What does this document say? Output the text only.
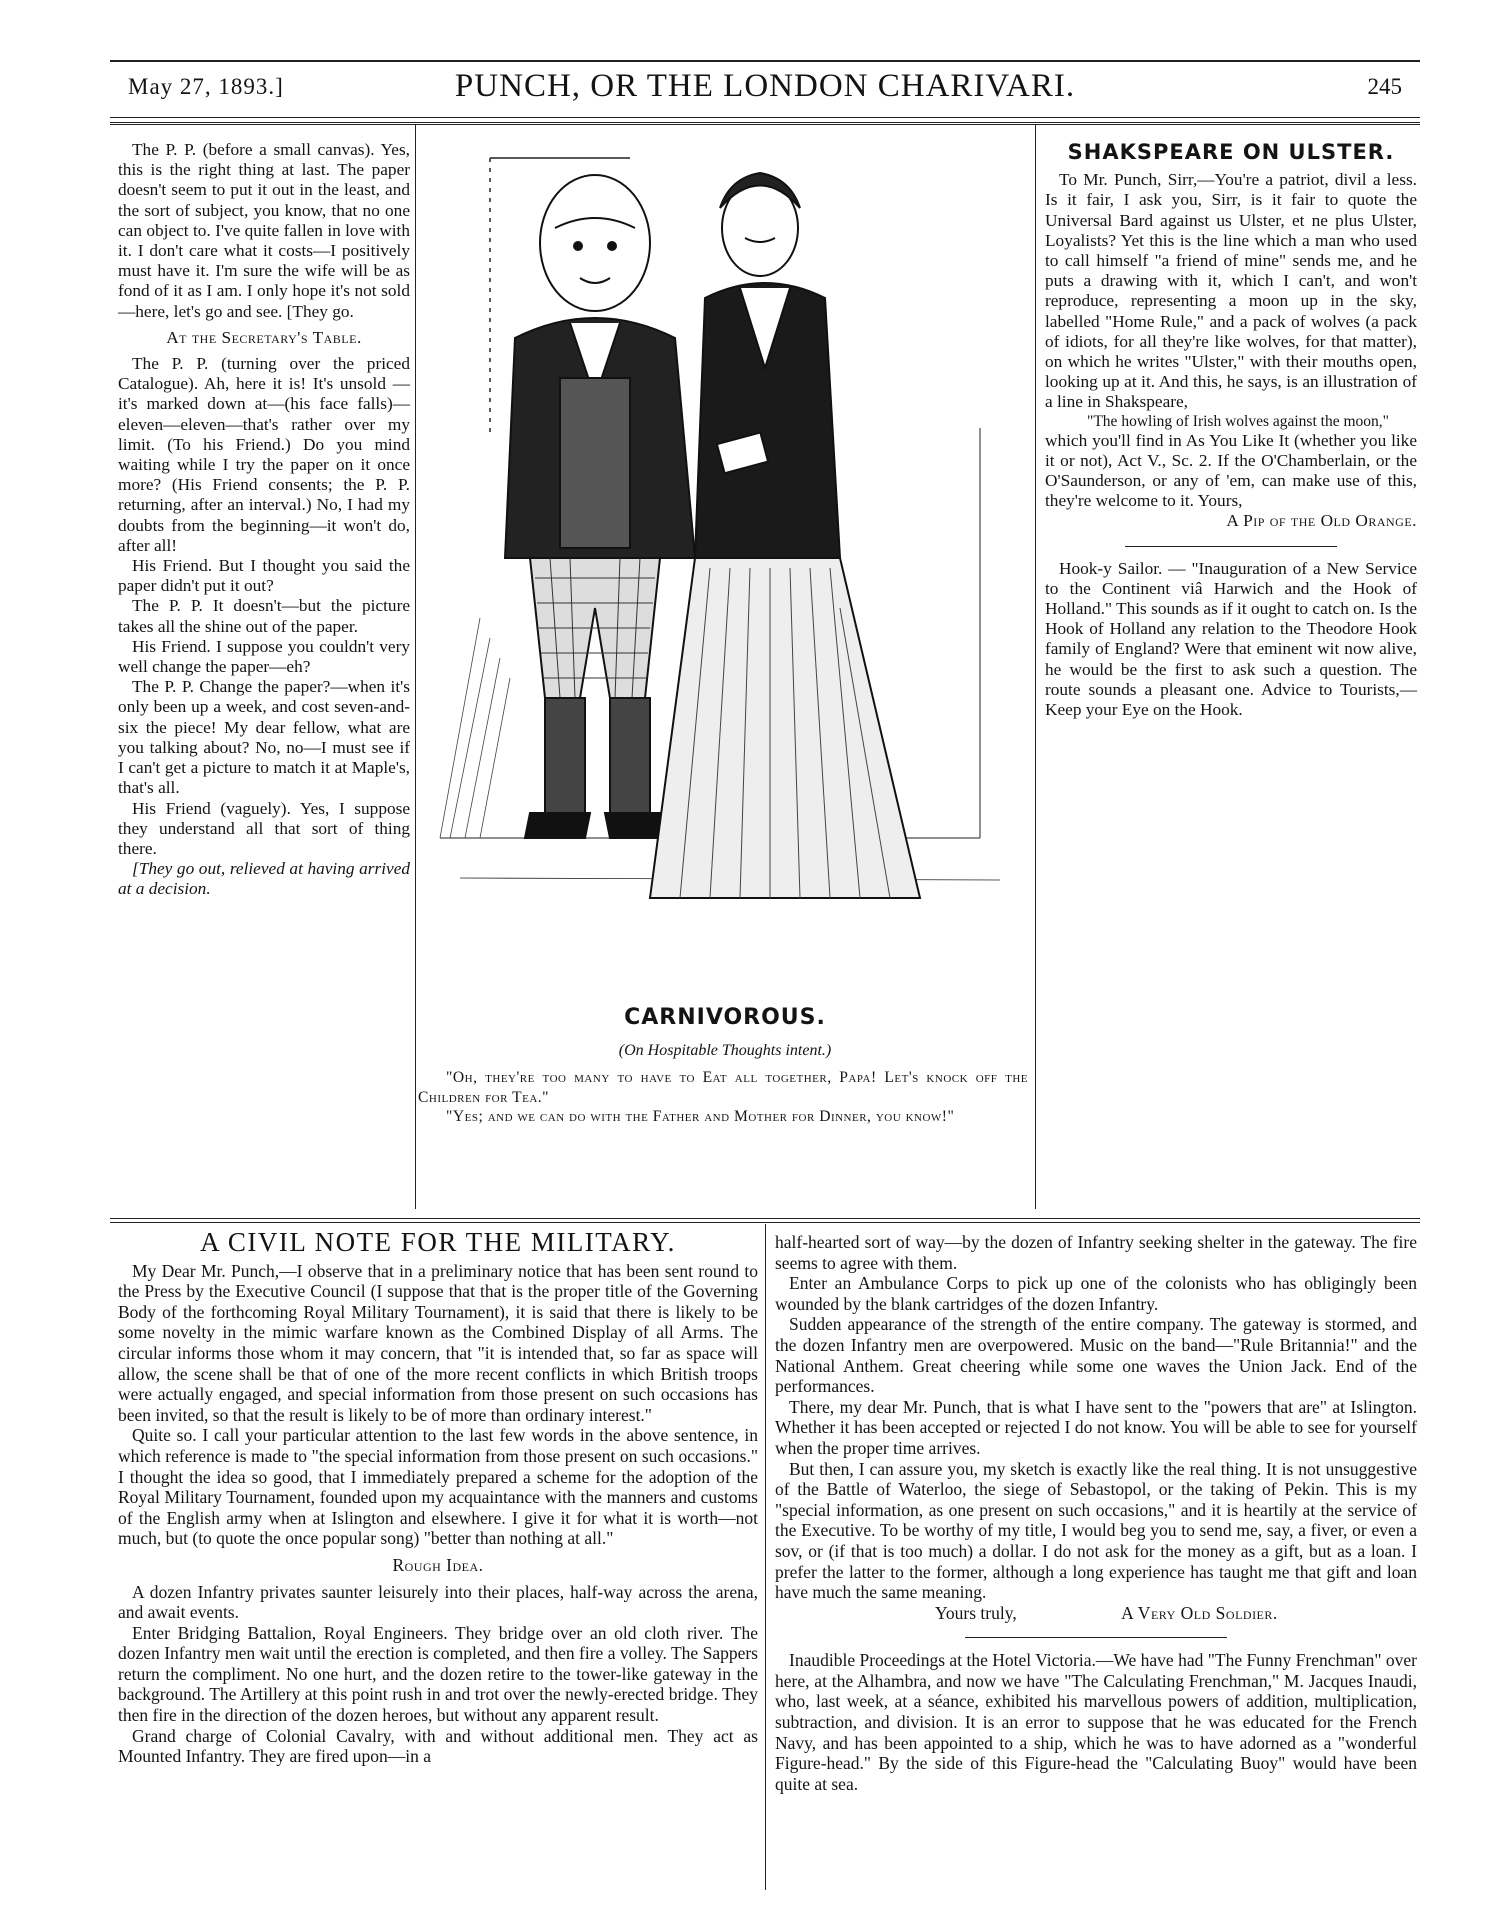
May 27, 1893.]	PUNCH, OR THE LONDON CHARIVARI.	245

The P. P. (before a small canvas). Yes, this is the right thing at last. The paper doesn't seem to put it out in the least, and the sort of subject, you know, that no one can object to. I've quite fallen in love with it. I don't care what it costs—I positively must have it. I'm sure the wife will be as fond of it as I am. I only hope it's not sold—here, let's go and see. [They go.

At the Secretary's Table.

The P. P. (turning over the priced Catalogue). Ah, here it is! It's unsold — it's marked down at—(his face falls)—eleven—eleven—that's rather over my limit. (To his Friend.) Do you mind waiting while I try the paper on it once more? (His Friend consents; the P. P. returning, after an interval.) No, I had my doubts from the beginning—it won't do, after all!

His Friend. But I thought you said the paper didn't put it out?

The P. P. It doesn't—but the picture takes all the shine out of the paper.

His Friend. I suppose you couldn't very well change the paper—eh?

The P. P. Change the paper?—when it's only been up a week, and cost seven-and-six the piece! My dear fellow, what are you talking about? No, no—I must see if I can't get a picture to match it at Maple's, that's all.

His Friend (vaguely). Yes, I suppose they understand all that sort of thing there.

[They go out, relieved at having arrived at a decision.

CARNIVOROUS.
(On Hospitable Thoughts intent.)

"Oh, they're too many to have to Eat all together, Papa! Let's knock off the Children for Tea."

"Yes; and we can do with the Father and Mother for Dinner, you know!"

SHAKSPEARE ON ULSTER.

To Mr. Punch, Sirr,—You're a patriot, divil a less. Is it fair, I ask you, Sirr, is it fair to quote the Universal Bard against us Ulster, et ne plus Ulster, Loyalists? Yet this is the line which a man who used to call himself "a friend of mine" sends me, and he puts a drawing with it, which I can't, and won't reproduce, representing a moon up in the sky, labelled "Home Rule," and a pack of wolves (a pack of idiots, for all they're like wolves, for that matter), on which he writes "Ulster," with their mouths open, looking up at it. And this, he says, is an illustration of a line in Shakspeare,

"The howling of Irish wolves against the moon,"

which you'll find in As You Like It (whether you like it or not), Act V., Sc. 2. If the O'Chamberlain, or the O'Saunderson, or any of 'em, can make use of this, they're welcome to it. Yours,

A Pip of the Old Orange.

Hook-y Sailor. — "Inauguration of a New Service to the Continent viâ Harwich and the Hook of Holland." This sounds as if it ought to catch on. Is the Hook of Holland any relation to the Theodore Hook family of England? Were that eminent wit now alive, he would be the first to ask such a question. The route sounds a pleasant one. Advice to Tourists,—Keep your Eye on the Hook.

A CIVIL NOTE FOR THE MILITARY.

My Dear Mr. Punch,—I observe that in a preliminary notice that has been sent round to the Press by the Executive Council (I suppose that that is the proper title of the Governing Body of the forthcoming Royal Military Tournament), it is said that there is likely to be some novelty in the mimic warfare known as the Combined Display of all Arms. The circular informs those whom it may concern, that "it is intended that, so far as space will allow, the scene shall be that of one of the more recent conflicts in which British troops were actually engaged, and special information from those present on such occasions has been invited, so that the result is likely to be of more than ordinary interest."

Quite so. I call your particular attention to the last few words in the above sentence, in which reference is made to "the special information from those present on such occasions." I thought the idea so good, that I immediately prepared a scheme for the adoption of the Royal Military Tournament, founded upon my acquaintance with the manners and customs of the English army when at Islington and elsewhere. I give it for what it is worth—not much, but (to quote the once popular song) "better than nothing at all."

Rough Idea.

A dozen Infantry privates saunter leisurely into their places, half-way across the arena, and await events.

Enter Bridging Battalion, Royal Engineers. They bridge over an old cloth river. The dozen Infantry men wait until the erection is completed, and then fire a volley. The Sappers return the compliment. No one hurt, and the dozen retire to the tower-like gateway in the background. The Artillery at this point rush in and trot over the newly-erected bridge. They then fire in the direction of the dozen heroes, but without any apparent result.

Grand charge of Colonial Cavalry, with and without additional men. They act as Mounted Infantry. They are fired upon—in a

half-hearted sort of way—by the dozen of Infantry seeking shelter in the gateway. The fire seems to agree with them.

Enter an Ambulance Corps to pick up one of the colonists who has obligingly been wounded by the blank cartridges of the dozen Infantry.

Sudden appearance of the strength of the entire company. The gateway is stormed, and the dozen Infantry men are overpowered. Music on the band—"Rule Britannia!" and the National Anthem. Great cheering while some one waves the Union Jack. End of the performances.

There, my dear Mr. Punch, that is what I have sent to the "powers that are" at Islington. Whether it has been accepted or rejected I do not know. You will be able to see for yourself when the proper time arrives.

But then, I can assure you, my sketch is exactly like the real thing. It is not unsuggestive of the Battle of Waterloo, the siege of Sebastopol, or the taking of Pekin. This is my "special information, as one present on such occasions," and it is heartily at the service of the Executive. To be worthy of my title, I would beg you to send me, say, a fiver, or even a sov, or (if that is too much) a dollar. I do not ask for the money as a gift, but as a loan. I prefer the latter to the former, although a long experience has taught me that gift and loan have much the same meaning.

Yours truly,	A Very Old Soldier.

Inaudible Proceedings at the Hotel Victoria.—We have had "The Funny Frenchman" over here, at the Alhambra, and now we have "The Calculating Frenchman," M. Jacques Inaudi, who, last week, at a séance, exhibited his marvellous powers of addition, multiplication, subtraction, and division. It is an error to suppose that he was educated for the French Navy, and has been appointed to a ship, which he was to have adorned as a "wonderful Figure-head." By the side of this Figure-head the "Calculating Buoy" would have been quite at sea.
